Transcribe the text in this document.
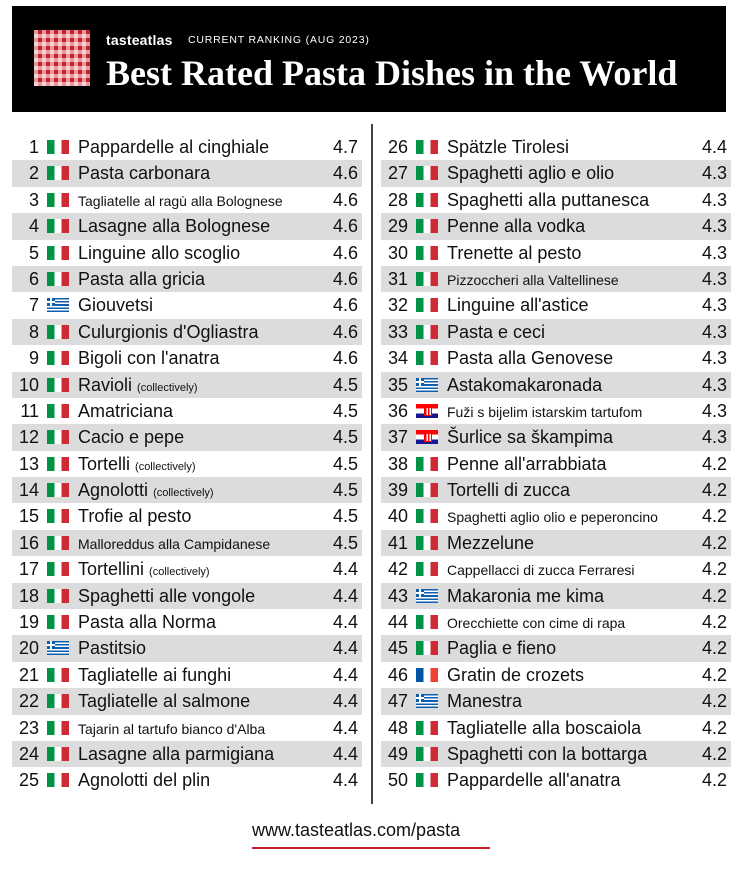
tasteatlas CURRENT RANKING (AUG 2023)
Best Rated Pasta Dishes in the World
1 Pappardelle al cinghiale	4.7
2 Pasta carbonara	4.6
3	Tagliatelle al ragù alla Bolognese	4.6
4 Lasagne alla Bolognese	4.6
5 Linguine allo scoglio	4.6
6 Pasta alla gricia	4.6
7 Giouvetsi	4.6
8 Culurgionis d'Ogliastra	4.6
9 Bigoli con l'anatra	4.6
10 Ravioli (collectively)	4.5
11 Amatriciana	4.5
12 Cacio e pepe	4.5
13 Tortelli (collectively)	4.5
14 Agnolotti (collectively)	4.5
15 Trofie al pesto	4.5
16	Malloreddus alla Campidanese	4.5
17 Tortellini (collectively)	4.4
18 Spaghetti alle vongole	4.4
19 Pasta alla Norma	4.4
20 Pastitsio	4.4
21 Tagliatelle ai funghi	4.4
22 Tagliatelle al salmone	4.4
23	Tajarin al tartufo bianco d'Alba	4.4
24 Lasagne alla parmigiana	4.4
25 Agnolotti del plin	4.4
26 Spätzle Tirolesi	4.4
27 Spaghetti aglio e olio	4.3
28 Spaghetti alla puttanesca	4.3
29 Penne alla vodka	4.3
30 Trenette al pesto	4.3
31	Pizzoccheri alla Valtellinese	4.3
32 Linguine all'astice	4.3
33 Pasta e ceci	4.3
34 Pasta alla Genovese	4.3
35 Astakomakaronada	4.3
36	Fuži s bijelim istarskim tartufom	4.3
37 Šurlice sa škampima	4.3
38 Penne all'arrabbiata	4.2
39 Tortelli di zucca	4.2
40	Spaghetti aglio olio e peperoncino 4.2
41 Mezzelune	4.2
42	Cappellacci di zucca Ferraresi	4.2
43 Makaronia me kima	4.2
44	Orecchiette con cime di rapa	4.2
45 Paglia e fieno	4.2
46 Gratin de crozets	4.2
47 Manestra	4.2
48 Tagliatelle alla boscaiola	4.2
49 Spaghetti con la bottarga	4.2
50 Pappardelle all'anatra	4.2
www.tasteatlas.com/pasta
